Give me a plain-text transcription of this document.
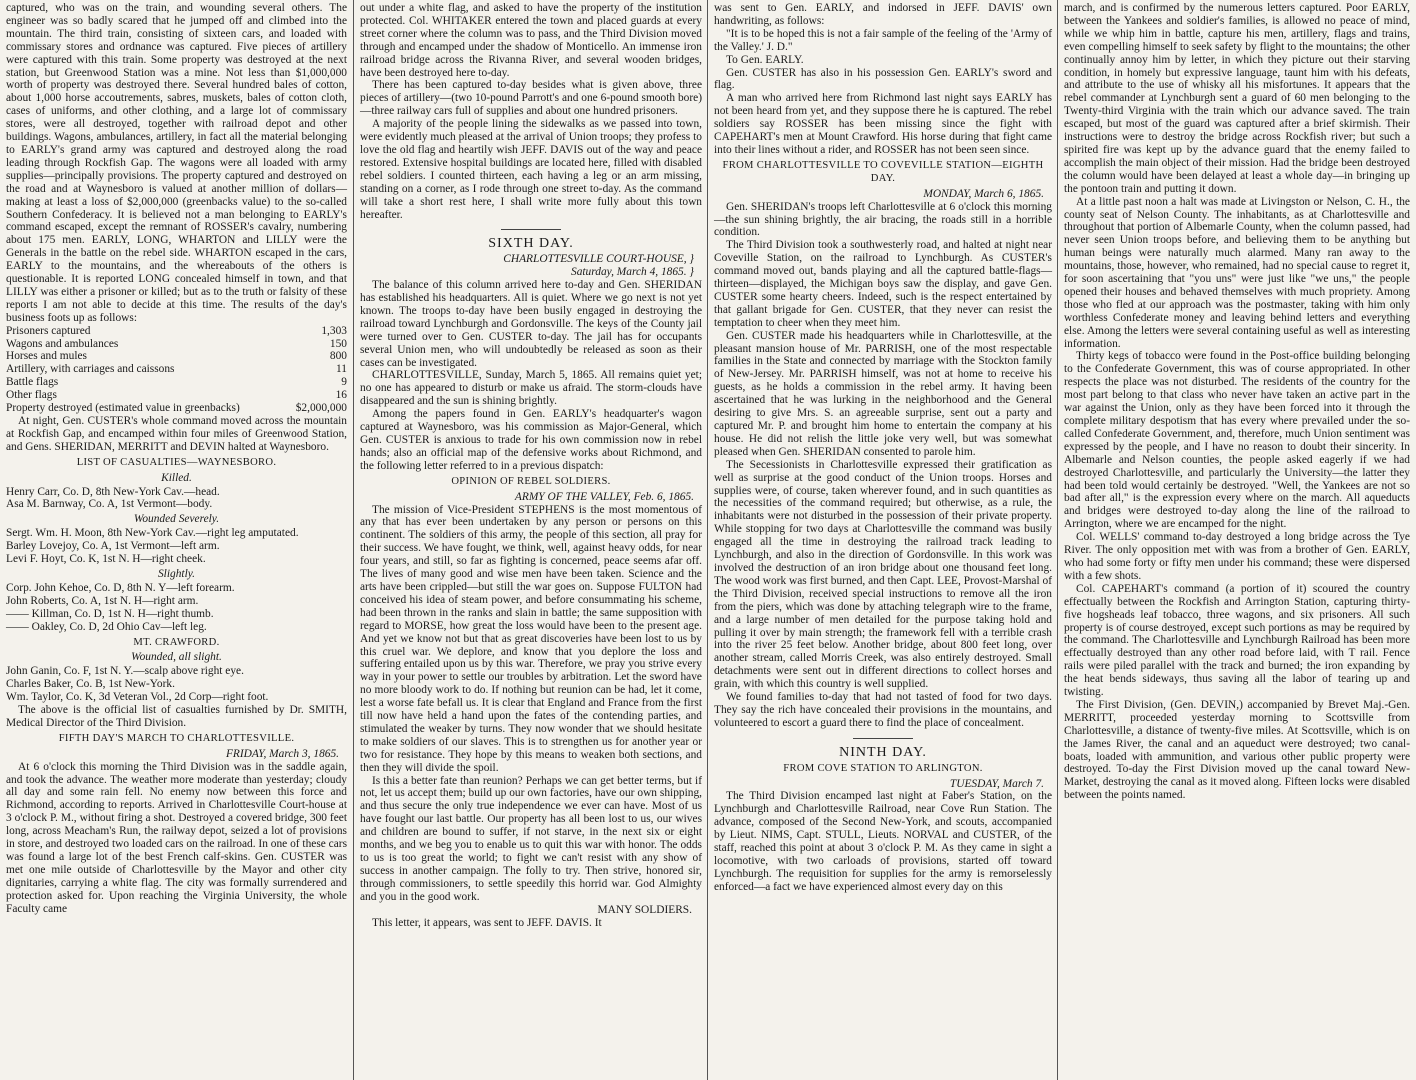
captured, who was on the train, and wounding several others. The engineer was so badly scared that he jumped off and climbed into the mountain. The third train, consisting of sixteen cars, and loaded with commissary stores and ordnance was captured. Five pieces of artillery were captured with this train. Some property was destroyed at the next station, but Greenwood Station was a mine. Not less than $1,000,000 worth of property was destroyed there. Several hundred bales of cotton, about 1,000 horse accoutrements, sabres, muskets, bales of cotton cloth, cases of uniforms, and other clothing, and a large lot of commissary stores, were all destroyed, together with railroad depot and other buildings. Wagons, ambulances, artillery, in fact all the material belonging to EARLY's grand army was captured and destroyed along the road leading through Rockfish Gap. The wagons were all loaded with army supplies—principally provisions. The property captured and destroyed on the road and at Waynesboro is valued at another million of dollars—making at least a loss of $2,000,000 (greenbacks value) to the so-called Southern Confederacy. It is believed not a man belonging to EARLY's command escaped, except the remnant of ROSSER's cavalry, numbering about 175 men. EARLY, LONG, WHARTON and LILLY were the Generals in the battle on the rebel side. WHARTON escaped in the cars, EARLY to the mountains, and the whereabouts of the others is questionable. It is reported LONG concealed himself in town, and that LILLY was either a prisoner or killed; but as to the truth or falsity of these reports I am not able to decide at this time. The results of the day's business foots up as follows:

Prisoners captured	1,303
Wagons and ambulances	150
Horses and mules	800
Artillery, with carriages and caissons	11
Battle flags	9
Other flags	16
Property destroyed (estimated value in greenbacks)	$2,000,000

At night, Gen. CUSTER's whole command moved across the mountain at Rockfish Gap, and encamped within four miles of Greenwood Station, and Gens. SHERIDAN, MERRITT and DEVIN halted at Waynesboro.

LIST OF CASUALTIES—WAYNESBORO.
Killed.
Henry Carr, Co. D, 8th New-York Cav.—head.
Asa M. Barnway, Co. A, 1st Vermont—body.
Wounded Severely.
Sergt. Wm. H. Moon, 8th New-York Cav.—right leg amputated.
Barley Lovejoy, Co. A, 1st Vermont—left arm.
Levi F. Hoyt, Co. K, 1st N. H—right cheek.
Slightly.
Corp. John Kehoe, Co. D, 8th N. Y—left forearm.
John Roberts, Co. A, 1st N. H—right arm.
—— Killman, Co. D, 1st N. H—right thumb.
—— Oakley, Co. D, 2d Ohio Cav—left leg.
MT. CRAWFORD.
Wounded, all slight.
John Ganin, Co. F, 1st N. Y.—scalp above right eye.
Charles Baker, Co. B, 1st New-York.
Wm. Taylor, Co. K, 3d Veteran Vol., 2d Corp—right foot.

The above is the official list of casualties furnished by Dr. SMITH, Medical Director of the Third Division.

FIFTH DAY'S MARCH TO CHARLOTTESVILLE.
FRIDAY, March 3, 1865.

At 6 o'clock this morning the Third Division was in the saddle again, and took the advance. The weather more moderate than yesterday; cloudy all day and some rain fell. No enemy now between this force and Richmond, according to reports. Arrived in Charlottesville Court-house at 3 o'clock P. M., without firing a shot. Destroyed a covered bridge, 300 feet long, across Meacham's Run, the railway depot, seized a lot of provisions in store, and destroyed two loaded cars on the railroad. In one of these cars was found a large lot of the best French calf-skins. Gen. CUSTER was met one mile outside of Charlottesville by the Mayor and other city dignitaries, carrying a white flag. The city was formally surrendered and protection asked for. Upon reaching the Virginia University, the whole Faculty came

out under a white flag, and asked to have the property of the institution protected. Col. WHITAKER entered the town and placed guards at every street corner where the column was to pass, and the Third Division moved through and encamped under the shadow of Monticello. An immense iron railroad bridge across the Rivanna River, and several wooden bridges, have been destroyed here to-day.

There has been captured to-day besides what is given above, three pieces of artillery—(two 10-pound Parrott's and one 6-pound smooth bore)—three railway cars full of supplies and about one hundred prisoners.

A majority of the people lining the sidewalks as we passed into town, were evidently much pleased at the arrival of Union troops; they profess to love the old flag and heartily wish JEFF. DAVIS out of the way and peace restored. Extensive hospital buildings are located here, filled with disabled rebel soldiers. I counted thirteen, each having a leg or an arm missing, standing on a corner, as I rode through one street to-day. As the command will take a short rest here, I shall write more fully about this town hereafter.

SIXTH DAY.
CHARLOTTESVILLE COURT-HOUSE, }
Saturday, March 4, 1865. }

The balance of this column arrived here to-day and Gen. SHERIDAN has established his headquarters. All is quiet. Where we go next is not yet known. The troops to-day have been busily engaged in destroying the railroad toward Lynchburgh and Gordonsville. The keys of the County jail were turned over to Gen. CUSTER to-day. The jail has for occupants several Union men, who will undoubtedly be released as soon as their cases can be investigated.

CHARLOTTESVILLE, Sunday, March 5, 1865. All remains quiet yet; no one has appeared to disturb or make us afraid. The storm-clouds have disappeared and the sun is shining brightly.

Among the papers found in Gen. EARLY's headquarter's wagon captured at Waynesboro, was his commission as Major-General, which Gen. CUSTER is anxious to trade for his own commission now in rebel hands; also an official map of the defensive works about Richmond, and the following letter referred to in a previous dispatch:

OPINION OF REBEL SOLDIERS.
ARMY OF THE VALLEY, Feb. 6, 1865.

The mission of Vice-President STEPHENS is the most momentous of any that has ever been undertaken by any person or persons on this continent. The soldiers of this army, the people of this section, all pray for their success. We have fought, we think, well, against heavy odds, for near four years, and still, so far as fighting is concerned, peace seems afar off. The lives of many good and wise men have been taken. Science and the arts have been crippled—but still the war goes on. Suppose FULTON had conceived his idea of steam power, and before consummating his scheme, had been thrown in the ranks and slain in battle; the same supposition with regard to MORSE, how great the loss would have been to the present age. And yet we know not but that as great discoveries have been lost to us by this cruel war. We deplore, and know that you deplore the loss and suffering entailed upon us by this war. Therefore, we pray you strive every way in your power to settle our troubles by arbitration. Let the sword have no more bloody work to do. If nothing but reunion can be had, let it come, lest a worse fate befall us. It is clear that England and France from the first till now have held a hand upon the fates of the contending parties, and stimulated the weaker by turns. They now wonder that we should hesitate to make soldiers of our slaves. This is to strengthen us for another year or two for resistance. They hope by this means to weaken both sections, and then they will divide the spoil.

Is this a better fate than reunion? Perhaps we can get better terms, but if not, let us accept them; build up our own factories, have our own shipping, and thus secure the only true independence we ever can have. Most of us have fought our last battle. Our property has all been lost to us, our wives and children are bound to suffer, if not starve, in the next six or eight months, and we beg you to enable us to quit this war with honor. The odds to us is too great the world; to fight we can't resist with any show of success in another campaign. The folly to try. Then strive, honored sir, through commissioners, to settle speedily this horrid war. God Almighty and you in the good work.

MANY SOLDIERS.

This letter, it appears, was sent to JEFF. DAVIS. It

was sent to Gen. EARLY, and indorsed in JEFF. DAVIS' own handwriting, as follows:

"It is to be hoped this is not a fair sample of the feeling of the 'Army of the Valley.' J. D."

To Gen. EARLY.

Gen. CUSTER has also in his possession Gen. EARLY's sword and flag.

A man who arrived here from Richmond last night says EARLY has not been heard from yet, and they suppose there he is captured. The rebel soldiers say ROSSER has been missing since the fight with CAPEHART's men at Mount Crawford. His horse during that fight came into their lines without a rider, and ROSSER has not been seen since.

FROM CHARLOTTESVILLE TO COVEVILLE STATION—EIGHTH DAY.
MONDAY, March 6, 1865.

Gen. SHERIDAN's troops left Charlottesville at 6 o'clock this morning—the sun shining brightly, the air bracing, the roads still in a horrible condition.

The Third Division took a southwesterly road, and halted at night near Coveville Station, on the railroad to Lynchburgh. As CUSTER's command moved out, bands playing and all the captured battle-flags—thirteen—displayed, the Michigan boys saw the display, and gave Gen. CUSTER some hearty cheers. Indeed, such is the respect entertained by that gallant brigade for Gen. CUSTER, that they never can resist the temptation to cheer when they meet him.

Gen. CUSTER made his headquarters while in Charlottesville, at the pleasant mansion house of Mr. PARRISH, one of the most respectable families in the State and connected by marriage with the Stockton family of New-Jersey. Mr. PARRISH himself, was not at home to receive his guests, as he holds a commission in the rebel army. It having been ascertained that he was lurking in the neighborhood and the General desiring to give Mrs. S. an agreeable surprise, sent out a party and captured Mr. P. and brought him home to entertain the company at his house. He did not relish the little joke very well, but was somewhat pleased when Gen. SHERIDAN consented to parole him.

The Secessionists in Charlottesville expressed their gratification as well as surprise at the good conduct of the Union troops. Horses and supplies were, of course, taken wherever found, and in such quantities as the necessities of the command required; but otherwise, as a rule, the inhabitants were not disturbed in the possession of their private property. While stopping for two days at Charlottesville the command was busily engaged all the time in destroying the railroad track leading to Lynchburgh, and also in the direction of Gordonsville. In this work was involved the destruction of an iron bridge about one thousand feet long. The wood work was first burned, and then Capt. LEE, Provost-Marshal of the Third Division, received special instructions to remove all the iron from the piers, which was done by attaching telegraph wire to the frame, and a large number of men detailed for the purpose taking hold and pulling it over by main strength; the framework fell with a terrible crash into the river 25 feet below. Another bridge, about 800 feet long, over another stream, called Morris Creek, was also entirely destroyed. Small detachments were sent out in different directions to collect horses and grain, with which this country is well supplied.

We found families to-day that had not tasted of food for two days. They say the rich have concealed their provisions in the mountains, and volunteered to escort a guard there to find the place of concealment.

NINTH DAY.
FROM COVE STATION TO ARLINGTON.
TUESDAY, March 7.

The Third Division encamped last night at Faber's Station, on the Lynchburgh and Charlottesville Railroad, near Cove Run Station. The advance, composed of the Second New-York, and scouts, accompanied by Lieut. NIMS, Capt. STULL, Lieuts. NORVAL and CUSTER, of the staff, reached this point at about 3 o'clock P. M. As they came in sight a locomotive, with two carloads of provisions, started off toward Lynchburgh. The requisition for supplies for the army is remorselessly enforced—a fact we have experienced almost every day on this

march, and is confirmed by the numerous letters captured. Poor EARLY, between the Yankees and soldier's families, is allowed no peace of mind, while we whip him in battle, capture his men, artillery, flags and trains, even compelling himself to seek safety by flight to the mountains; the other continually annoy him by letter, in which they picture out their starving condition, in homely but expressive language, taunt him with his defeats, and attribute to the use of whisky all his misfortunes. It appears that the rebel commander at Lynchburgh sent a guard of 60 men belonging to the Twenty-third Virginia with the train which our advance saved. The train escaped, but most of the guard was captured after a brief skirmish. Their instructions were to destroy the bridge across Rockfish river; but such a spirited fire was kept up by the advance guard that the enemy failed to accomplish the main object of their mission. Had the bridge been destroyed the column would have been delayed at least a whole day—in bringing up the pontoon train and putting it down.

At a little past noon a halt was made at Livingston or Nelson, C. H., the county seat of Nelson County. The inhabitants, as at Charlottesville and throughout that portion of Albemarle County, when the column passed, had never seen Union troops before, and believing them to be anything but human beings were naturally much alarmed. Many ran away to the mountains, those, however, who remained, had no special cause to regret it, for soon ascertaining that "you uns" were just like "we uns," the people opened their houses and behaved themselves with much propriety. Among those who fled at our approach was the postmaster, taking with him only worthless Confederate money and leaving behind letters and everything else. Among the letters were several containing useful as well as interesting information.

Thirty kegs of tobacco were found in the Post-office building belonging to the Confederate Government, this was of course appropriated. In other respects the place was not disturbed. The residents of the country for the most part belong to that class who never have taken an active part in the war against the Union, only as they have been forced into it through the complete military despotism that has every where prevailed under the so-called Confederate Government, and, therefore, much Union sentiment was expressed by the people, and I have no reason to doubt their sincerity. In Albemarle and Nelson counties, the people asked eagerly if we had destroyed Charlottesville, and particularly the University—the latter they had been told would certainly be destroyed. "Well, the Yankees are not so bad after all," is the expression every where on the march. All aqueducts and bridges were destroyed to-day along the line of the railroad to Arrington, where we are encamped for the night.

Col. WELLS' command to-day destroyed a long bridge across the Tye River. The only opposition met with was from a brother of Gen. EARLY, who had some forty or fifty men under his command; these were dispersed with a few shots.

Col. CAPEHART's command (a portion of it) scoured the country effectually between the Rockfish and Arrington Station, capturing thirty-five hogsheads leaf tobacco, three wagons, and six prisoners. All such property is of course destroyed, except such portions as may be required by the command. The Charlottesville and Lynchburgh Railroad has been more effectually destroyed than any other road before laid, with T rail. Fence rails were piled parallel with the track and burned; the iron expanding by the heat bends sideways, thus saving all the labor of tearing up and twisting.

The First Division, (Gen. DEVIN,) accompanied by Brevet Maj.-Gen. MERRITT, proceeded yesterday morning to Scottsville from Charlottesville, a distance of twenty-five miles. At Scottsville, which is on the James River, the canal and an aqueduct were destroyed; two canal-boats, loaded with ammunition, and various other public property were destroyed. To-day the First Division moved up the canal toward New-Market, destroying the canal as it moved along. Fifteen locks were disabled between the points named.
